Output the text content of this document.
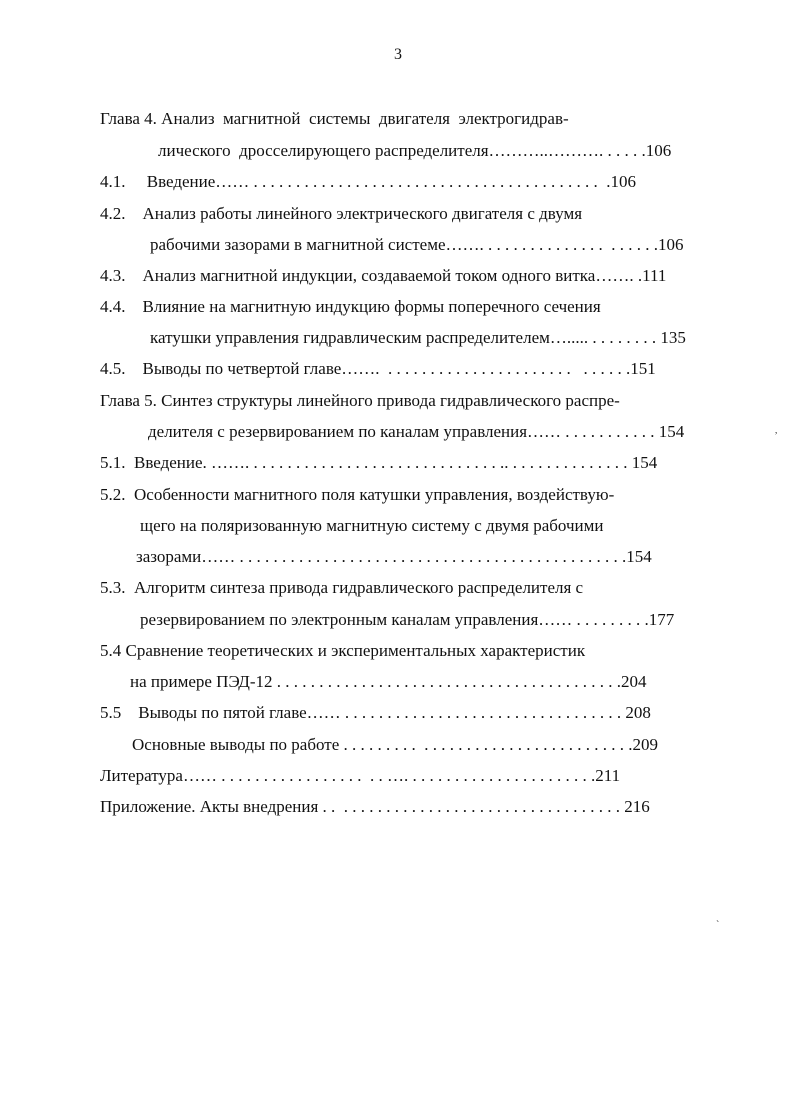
3
Глава 4. Анализ  магнитной  системы  двигателя  электрогидрав-
лического  дросселирующего распределителя………..………. . . . . .106
4.1.     Введение…… . . . . . . . . . . . . . . . . . . . . . . . . . . . . . . . . . . . . . . . . .  .106
4.2.    Анализ работы линейного электрического двигателя с двумя
рабочими зазорами в магнитной системе……. . . . . . . . . . . . . . .  . . . . . .106
4.3.    Анализ магнитной индукции, создаваемой током одного витка……. .111
4.4.    Влияние на магнитную индукцию формы поперечного сечения
катушки управления гидравлическим распределителем…..... . . . . . . . . 135
4.5.    Выводы по четвертой главе…….  . . . . . . . . . . . . . . . . . . . . . .   . . . . . .151
Глава 5. Синтез структуры линейного привода гидравлического распре-
делителя с резервированием по каналам управления…… . . . . . . . . . . . 154
5.1.  Введение. ……. . . . . . . . . . . . . . . . . . . . . . . . . . . . . . .. . . . . . . . . . . . . . . 154
5.2.  Особенности магнитного поля катушки управления, воздействую-
щего на поляризованную магнитную систему с двумя рабочими
зазорами…… . . . . . . . . . . . . . . . . . . . . . . . . . . . . . . . . . . . . . . . . . . . . . .154
5.3.  Алгоритм синтеза привода гидравлического распределителя с
резервированием по электронным каналам управления…… . . . . . . . . .177
5.4 Сравнение теоретических и экспериментальных характеристик
на примере ПЭД-12 . . . . . . . . . . . . . . . . . . . . . . . . . . . . . . . . . . . . . . . . .204
5.5    Выводы по пятой главе…… . . . . . . . . . . . . . . . . . . . . . . . . . . . . . . . . . 208
Основные выводы по работе . . . . . . . . .  . . . . . . . . . . . . . . . . . . . . . . . . .209
Литература…… . . . . . . . . . . . . . . . . .  . . …. . . . . . . . . . . . . . . . . . . . . . .211
Приложение. Акты внедрения . .  . . . . . . . . . . . . . . . . . . . . . . . . . . . . . . . . . 216
,
`
